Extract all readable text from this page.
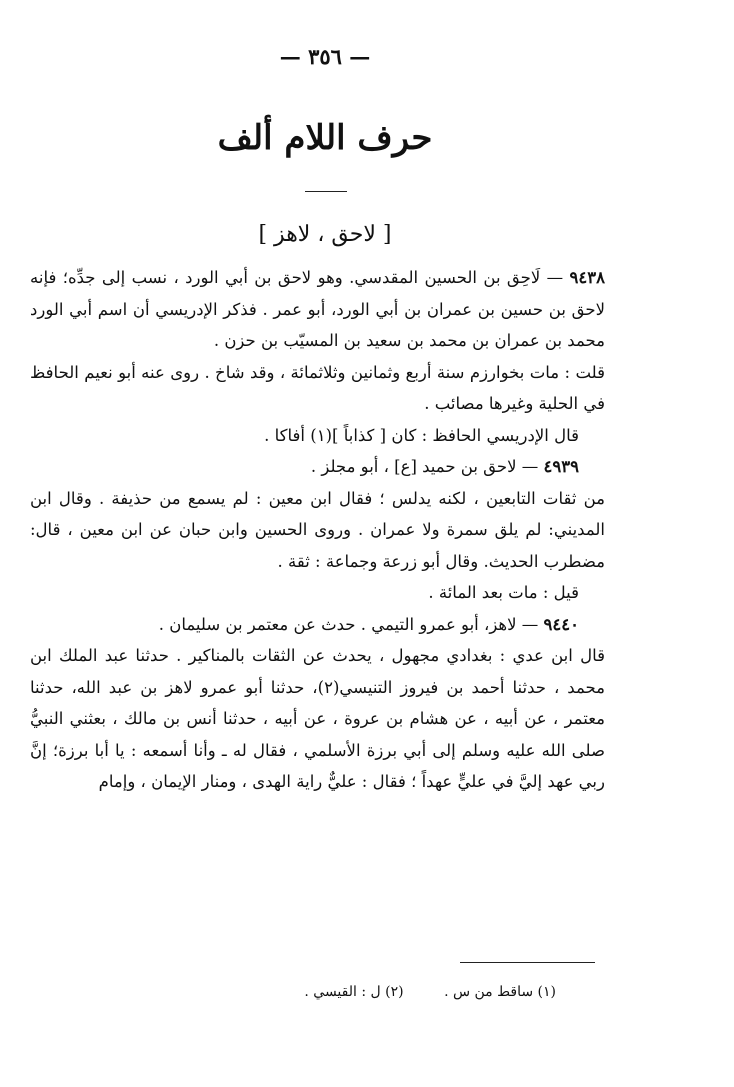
— ٣٥٦ —
حرف اللام ألف
[ لاحق ، لاهز ]

٩٤٣٨ — لَاحِق بن الحسين المقدسي. وهو لاحق بن أبي الورد ، نسب إلى جدِّه؛ فإنه لاحق بن حسين بن عمران بن أبي الورد، أبو عمر . فذكر الإدريسي أن اسم أبي الورد محمد بن عمران بن محمد بن سعيد بن المسيّب بن حزن .

قلت : مات بخوارزم سنة أربع وثمانين وثلاثمائة ، وقد شاخ . روى عنه أبو نعيم الحافظ في الحلية وغيرها مصائب .

قال الإدريسي الحافظ : كان [ كذاباً ](١) أفاكا .

٤٩٣٩ — لاحق بن حميد [ع] ، أبو مجلز .

من ثقات التابعين ، لكنه يدلس ؛ فقال ابن معين : لم يسمع من حذيفة . وقال ابن المديني: لم يلق سمرة ولا عمران . وروى الحسين وابن حبان عن ابن معين ، قال: مضطرب الحديث. وقال أبو زرعة وجماعة : ثقة .

قيل : مات بعد المائة .

٩٤٤٠ — لاهز، أبو عمرو التيمي . حدث عن معتمر بن سليمان .

قال ابن عدي : بغدادي مجهول ، يحدث عن الثقات بالمناكير . حدثنا عبد الملك ابن محمد ، حدثنا أحمد بن فيروز التنيسي(٢)، حدثنا أبو عمرو لاهز بن عبد الله، حدثنا معتمر ، عن أبيه ، عن هشام بن عروة ، عن أبيه ، حدثنا أنس بن مالك ، بعثني النبيُّ صلى الله عليه وسلم إلى أبي برزة الأسلمي ، فقال له ـ وأنا أسمعه : يا أبا برزة؛ إنَّ ربي عهد إليَّ في عليٍّ عهداً ؛ فقال : عليٌّ راية الهدى ، ومنار الإيمان ، وإمام

(١) ساقط من س . (٢) ل : القيسي .
